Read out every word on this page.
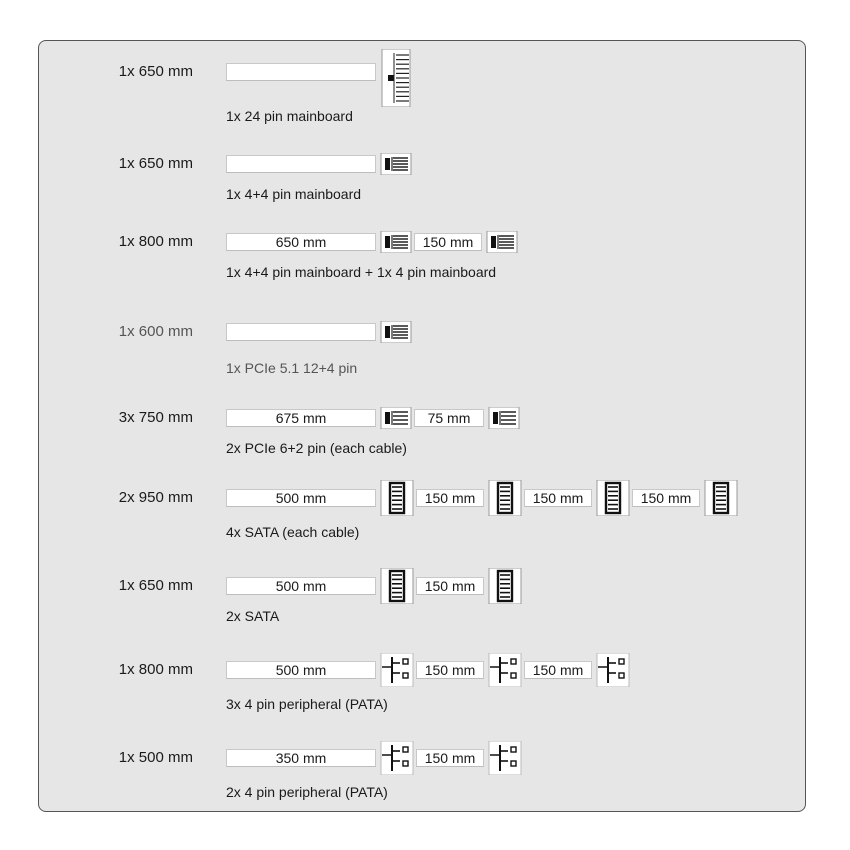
1x 650 mm
1x 24 pin mainboard
1x 650 mm
1x 4+4 pin mainboard
1x 800 mm	650 mm	150 mm
1x 4+4 pin mainboard + 1x 4 pin mainboard
1x 600 mm
1x PCIe 5.1 12+4 pin
3x 750 mm	675 mm	75 mm
2x PCIe 6+2 pin (each cable)
2x 950 mm	500 mm	150 mm	150 mm	150 mm
4x SATA (each cable)
1x 650 mm	500 mm	150 mm
2x SATA
1x 800 mm	500 mm	150 mm	150 mm
3x 4 pin peripheral (PATA)
1x 500 mm	350 mm	150 mm
2x 4 pin peripheral (PATA)
